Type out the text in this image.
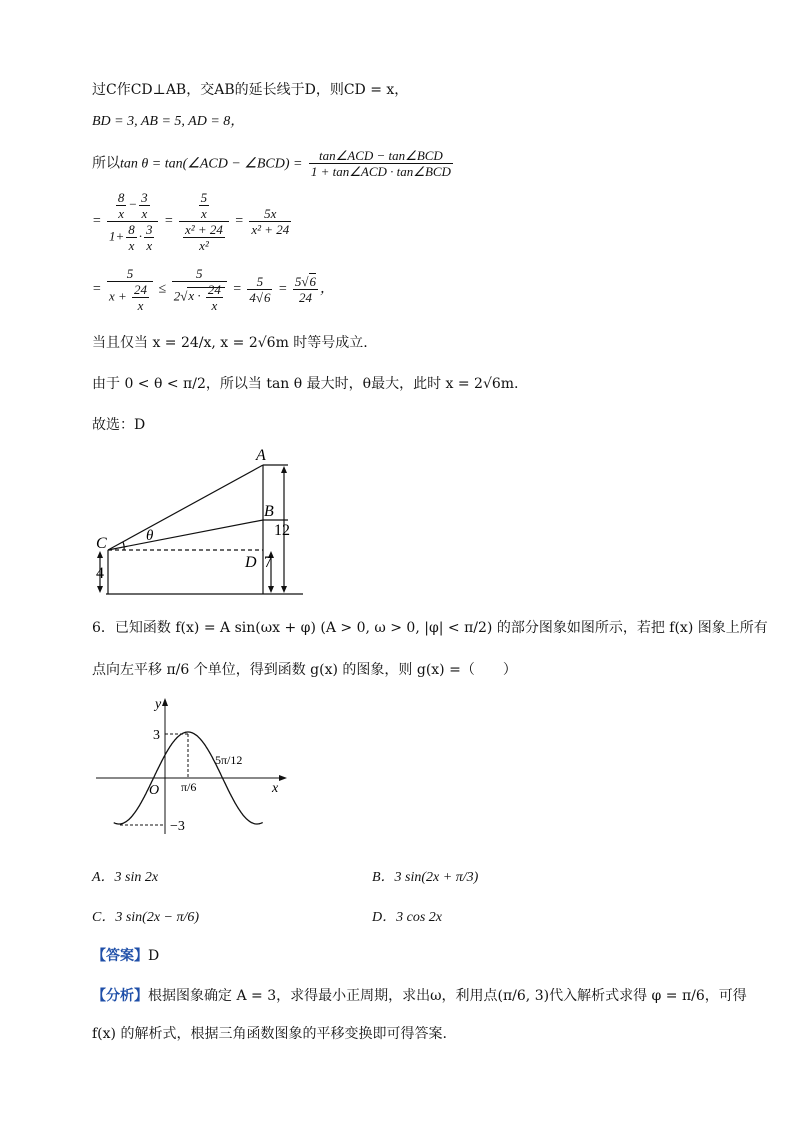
过C作CD⊥AB，交AB的延长线于D，则CD = x，
BD = 3, AB = 5, AD = 8，
所以tan θ = tan(∠ACD − ∠BCD) = $\frac{\text{tan∠ACD − tan∠BCD}}{\text{1 + tan∠ACD · tan∠BCD}}$
= $\frac{\frac{8}{x} - \frac{3}{x}}{1+ \frac{8}{x} \cdot \frac{3}{x}} = \frac{\frac{5}{x}}{\frac{\text{x² + 24}}{\text{x²}}} = \frac{5x}{\text{x² + 24}}$
= $\frac{5}{x + \frac{24}{x}} \le \frac{5}{2√x \cdot \frac{24}{x}} = \frac{5}{4√6} = \frac{5√6}{24}$ ，
当且仅当 x = 24/x, x = 2√6m 时等号成立.
由于 0 < θ < π/2，所以当 tan θ 最大时，θ最大，此时 x = 2√6m.
故选：D
A
B
C
D
θ	12
7
4
6．已知函数 f(x) = A sin(ωx + φ) (A > 0, ω > 0, |φ| < π/2) 的部分图象如图所示，若把 f(x) 图象上所有
点向左平移 π/6 个单位，得到函数 g(x) 的图象，则 g(x) =（　　）
y
x
O
3
−3
π/6
5π/12
A．3 sin 2x	B．3 sin(2x + π/3)
C．3 sin(2x − π/6)	D．3 cos 2x
【答案】D
【分析】根据图象确定 A = 3，求得最小正周期，求出ω，利用点(π/6, 3)代入解析式求得 φ = π/6，可得
f(x) 的解析式，根据三角函数图象的平移变换即可得答案.
